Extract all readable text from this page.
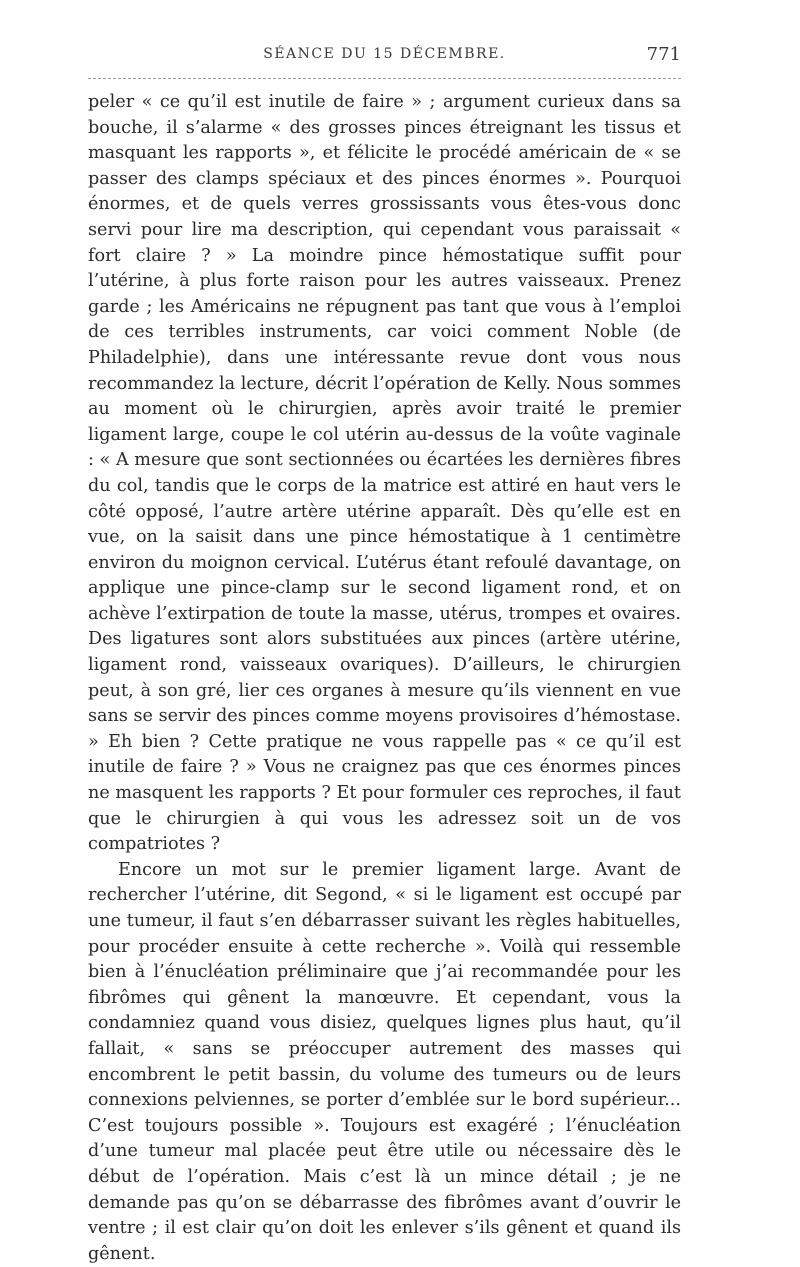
SÉANCE DU 15 DÉCEMBRE.	771

peler « ce qu’il est inutile de faire » ; argument curieux dans sa bouche, il s’alarme « des grosses pinces étreignant les tissus et masquant les rapports », et félicite le procédé américain de « se passer des clamps spéciaux et des pinces énormes ». Pourquoi énormes, et de quels verres grossissants vous êtes-vous donc servi pour lire ma description, qui cependant vous paraissait « fort claire ? » La moindre pince hémostatique suffit pour l’utérine, à plus forte raison pour les autres vaisseaux. Prenez garde ; les Américains ne répugnent pas tant que vous à l’emploi de ces terribles instruments, car voici comment Noble (de Philadelphie), dans une intéressante revue dont vous nous recommandez la lecture, décrit l’opération de Kelly. Nous sommes au moment où le chirurgien, après avoir traité le premier ligament large, coupe le col utérin au-dessus de la voûte vaginale : « A mesure que sont sectionnées ou écartées les dernières fibres du col, tandis que le corps de la matrice est attiré en haut vers le côté opposé, l’autre artère utérine apparaît. Dès qu’elle est en vue, on la saisit dans une pince hémostatique à 1 centimètre environ du moignon cervical. L’utérus étant refoulé davantage, on applique une pince-clamp sur le second ligament rond, et on achève l’extirpation de toute la masse, utérus, trompes et ovaires. Des ligatures sont alors substituées aux pinces (artère utérine, ligament rond, vaisseaux ovariques). D’ailleurs, le chirurgien peut, à son gré, lier ces organes à mesure qu’ils viennent en vue sans se servir des pinces comme moyens provisoires d’hémostase. » Eh bien ? Cette pratique ne vous rappelle pas « ce qu’il est inutile de faire ? » Vous ne craignez pas que ces énormes pinces ne masquent les rapports ? Et pour formuler ces reproches, il faut que le chirurgien à qui vous les adressez soit un de vos compatriotes ?

Encore un mot sur le premier ligament large. Avant de rechercher l’utérine, dit Segond, « si le ligament est occupé par une tumeur, il faut s’en débarrasser suivant les règles habituelles, pour procéder ensuite à cette recherche ». Voilà qui ressemble bien à l’énucléation préliminaire que j’ai recommandée pour les fibrômes qui gênent la manœuvre. Et cependant, vous la condamniez quand vous disiez, quelques lignes plus haut, qu’il fallait, « sans se préoccuper autrement des masses qui encombrent le petit bassin, du volume des tumeurs ou de leurs connexions pelviennes, se porter d’emblée sur le bord supérieur... C’est toujours possible ». Toujours est exagéré ; l’énucléation d’une tumeur mal placée peut être utile ou nécessaire dès le début de l’opération. Mais c’est là un mince détail ; je ne demande pas qu’on se débarrasse des fibrômes avant d’ouvrir le ventre ; il est clair qu’on doit les enlever s’ils gênent et quand ils gênent.
